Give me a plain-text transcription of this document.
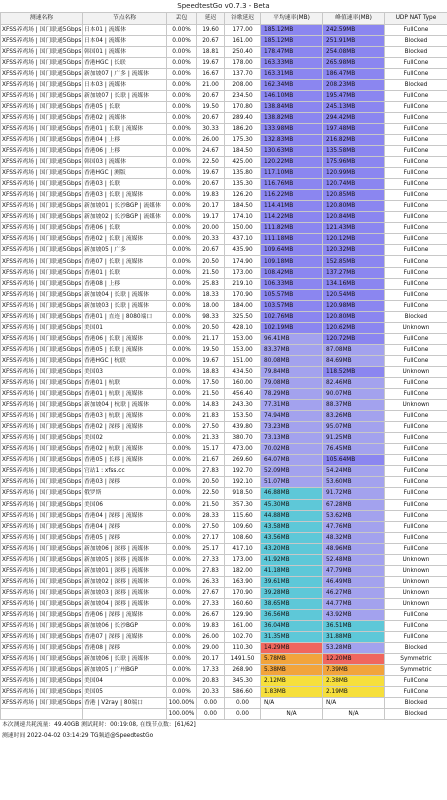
SpeedtestGo v0.7.3 - Beta
测速名称	节点名称	丢包	延迟	谷歌延迟	平均速率(MB)	峰值速率(MB)	UDP NAT Type
XFSS养鸡场 | 国门联通5Gbps	日本01 | 流媒体	0.00%	19.60	177.00	185.12MB	242.59MB	FullCone
XFSS养鸡场 | 国门联通5Gbps	日本04 | 流媒体	0.00%	20.67	161.00	185.12MB	251.91MB	Blocked
XFSS养鸡场 | 国门联通5Gbps	韩国01 | 流媒体	0.00%	18.81	250.40	178.47MB	254.08MB	Blocked
XFSS养鸡场 | 国门联通5Gbps	香港HGC | 长联	0.00%	19.67	178.00	163.33MB	265.98MB	FullCone
XFSS养鸡场 | 国门联通5Gbps	新加坡07 | 广多 | 流媒体	0.00%	16.67	137.70	163.31MB	186.47MB	FullCone
XFSS养鸡场 | 国门联通5Gbps	日本03 | 流媒体	0.00%	21.00	208.00	162.34MB	208.23MB	Blocked
XFSS养鸡场 | 国门联通5Gbps	新加坡07 | 长联 | 流媒体	0.00%	20.67	234.50	146.10MB	195.47MB	FullCone
XFSS养鸡场 | 国门联通5Gbps	香港05 | 长联	0.00%	19.50	170.80	138.84MB	245.13MB	FullCone
XFSS养鸡场 | 国门联通5Gbps	香港02 | 流媒体	0.00%	20.67	289.40	138.82MB	294.42MB	FullCone
XFSS养鸡场 | 国门联通5Gbps	香港01 | 长联 | 流媒体	0.00%	30.33	186.20	133.98MB	197.48MB	FullCone
XFSS养鸡场 | 国门联通5Gbps	香港04 | 上移	0.00%	26.00	175.30	132.83MB	216.82MB	FullCone
XFSS养鸡场 | 国门联通5Gbps	香港06 | 上移	0.00%	24.67	184.50	130.63MB	135.58MB	FullCone
XFSS养鸡场 | 国门联通5Gbps	韩国03 | 流媒体	0.00%	22.50	425.00	120.22MB	175.96MB	FullCone
XFSS养鸡场 | 国门联通5Gbps	香港HGC | 测版	0.00%	19.67	135.80	117.10MB	120.99MB	FullCone
XFSS养鸡场 | 国门联通5Gbps	香港03 | 长联	0.00%	20.67	135.30	116.76MB	120.74MB	FullCone
XFSS养鸡场 | 国门联通5Gbps	香港03 | 长联 | 流媒体	0.00%	19.83	126.20	116.22MB	120.85MB	FullCone
XFSS养鸡场 | 国门联通5Gbps	新加坡01 | 长沙BGP | 流媒体	0.00%	20.17	184.50	114.41MB	120.80MB	FullCone
XFSS养鸡场 | 国门联通5Gbps	新加坡02 | 长沙BGP | 流媒体	0.00%	19.17	174.10	114.22MB	120.84MB	FullCone
XFSS养鸡场 | 国门联通5Gbps	香港06 | 长联	0.00%	20.00	150.00	111.82MB	121.43MB	FullCone
XFSS养鸡场 | 国门联通5Gbps	香港02 | 长联 | 流媒体	0.00%	20.33	437.10	111.18MB	120.12MB	FullCone
XFSS养鸡场 | 国门联通5Gbps	新加坡05 | 广多	0.00%	20.67	435.90	109.64MB	120.32MB	FullCone
XFSS养鸡场 | 国门联通5Gbps	香港07 | 长联 | 流媒体	0.00%	20.50	174.90	109.18MB	152.85MB	FullCone
XFSS养鸡场 | 国门联通5Gbps	香港01 | 长联	0.00%	21.50	173.00	108.42MB	137.27MB	FullCone
XFSS养鸡场 | 国门联通5Gbps	香港08 | 上移	0.00%	25.83	219.10	106.33MB	134.16MB	FullCone
XFSS养鸡场 | 国门联通5Gbps	新加坡04 | 长联 | 流媒体	0.00%	18.33	170.90	105.57MB	120.54MB	FullCone
XFSS养鸡场 | 国门联通5Gbps	新加坡03 | 长联 | 流媒体	0.00%	18.00	184.00	103.57MB	120.98MB	FullCone
XFSS养鸡场 | 国门联通5Gbps	香港01 | 直连 | 8080端口	0.00%	98.33	325.50	102.76MB	120.80MB	Blocked
XFSS养鸡场 | 国门联通5Gbps	美国01	0.00%	20.50	428.10	102.19MB	120.62MB	Unknown
XFSS养鸡场 | 国门联通5Gbps	香港06 | 长联 | 流媒体	0.00%	21.17	153.00	96.41MB	120.72MB	FullCone
XFSS养鸡场 | 国门联通5Gbps	香港05 | 长联 | 流媒体	0.00%	19.50	153.00	83.37MB	87.08MB	FullCone
XFSS养鸡场 | 国门联通5Gbps	香港HGC | 杭联	0.00%	19.67	151.00	80.08MB	84.69MB	FullCone
XFSS养鸡场 | 国门联通5Gbps	美国03	0.00%	18.83	434.50	79.84MB	118.52MB	Unknown
XFSS养鸡场 | 国门联通5Gbps	香港01 | 杭联	0.00%	17.50	160.00	79.08MB	82.46MB	FullCone
XFSS养鸡场 | 国门联通5Gbps	香港01 | 杭联 | 流媒体	0.00%	21.50	456.40	78.29MB	90.07MB	FullCone
XFSS养鸡场 | 国门联通5Gbps	新加坡04 | 杭联 | 流媒体	0.00%	14.83	243.30	77.31MB	88.37MB	Unknown
XFSS养鸡场 | 国门联通5Gbps	香港03 | 杭联 | 流媒体	0.00%	21.83	153.50	74.94MB	83.26MB	FullCone
XFSS养鸡场 | 国门联通5Gbps	香港02 | 深移 | 流媒体	0.00%	27.50	439.80	73.23MB	95.07MB	FullCone
XFSS养鸡场 | 国门联通5Gbps	美国02	0.00%	21.33	380.70	73.13MB	91.25MB	FullCone
XFSS养鸡场 | 国门联通5Gbps	香港02 | 杭联 | 流媒体	0.00%	15.17	473.00	70.02MB	76.45MB	FullCone
XFSS养鸡场 | 国门联通5Gbps	香港05 | 长移 | 流媒体	0.00%	21.67	269.60	64.07MB	105.64MB	FullCone
XFSS养鸡场 | 国门联通5Gbps	官站1 : xfss.cc	0.00%	27.83	192.70	52.09MB	54.24MB	FullCone
XFSS养鸡场 | 国门联通5Gbps	香港03 | 深移	0.00%	20.50	192.10	51.07MB	53.60MB	FullCone
XFSS养鸡场 | 国门联通5Gbps	俄罗斯	0.00%	22.50	918.50	46.88MB	91.72MB	FullCone
XFSS养鸡场 | 国门联通5Gbps	美国06	0.00%	21.50	357.30	45.30MB	67.28MB	FullCone
XFSS养鸡场 | 国门联通5Gbps	香港04 | 深移 | 流媒体	0.00%	28.33	115.60	44.88MB	53.62MB	FullCone
XFSS养鸡场 | 国门联通5Gbps	香港04 | 深移	0.00%	27.50	109.60	43.58MB	47.76MB	FullCone
XFSS养鸡场 | 国门联通5Gbps	香港05 | 深移	0.00%	27.17	108.60	43.56MB	48.32MB	FullCone
XFSS养鸡场 | 国门联通5Gbps	新加坡06 | 深移 | 流媒体	0.00%	25.17	417.10	43.20MB	48.96MB	FullCone
XFSS养鸡场 | 国门联通5Gbps	新加坡05 | 深移 | 流媒体	0.00%	27.33	173.00	41.92MB	52.48MB	Unknown
XFSS养鸡场 | 国门联通5Gbps	新加坡01 | 深移 | 流媒体	0.00%	27.83	182.00	41.18MB	47.79MB	Unknown
XFSS养鸡场 | 国门联通5Gbps	新加坡02 | 深移 | 流媒体	0.00%	26.33	163.90	39.61MB	46.49MB	Unknown
XFSS养鸡场 | 国门联通5Gbps	新加坡03 | 深移 | 流媒体	0.00%	27.67	170.90	39.28MB	46.27MB	Unknown
XFSS养鸡场 | 国门联通5Gbps	新加坡04 | 深移 | 流媒体	0.00%	27.33	160.60	38.65MB	44.77MB	Unknown
XFSS养鸡场 | 国门联通5Gbps	香港06 | 深移 | 流媒体	0.00%	26.67	129.90	36.56MB	43.92MB	FullCone
XFSS养鸡场 | 国门联通5Gbps	新加坡06 | 长沙BGP	0.00%	19.83	161.00	36.04MB	36.51MB	FullCone
XFSS养鸡场 | 国门联通5Gbps	香港07 | 深移 | 流媒体	0.00%	26.00	102.70	31.35MB	31.88MB	FullCone
XFSS养鸡场 | 国门联通5Gbps	香港08 | 深移	0.00%	29.00	110.30	14.29MB	53.28MB	Blocked
XFSS养鸡场 | 国门联通5Gbps	新加坡06 | 长联 | 流媒体	0.00%	20.17	1491.50	5.78MB	12.20MB	Symmetric
XFSS养鸡场 | 国门联通5Gbps	新加坡05 | 广州BGP	0.00%	17.33	268.90	5.38MB	7.39MB	Symmetric
XFSS养鸡场 | 国门联通5Gbps	美国04	0.00%	20.83	345.30	2.12MB	2.38MB	FullCone
XFSS养鸡场 | 国门联通5Gbps	美国05	0.00%	20.33	586.60	1.83MB	2.19MB	FullCone
XFSS养鸡场 | 国门联通5Gbps	香港 | V2ray | 80端口	100.00%	0.00	0.00	N/A	N/A	Blocked
		100.00%	0.00	0.00	N/A	N/A	Blocked
本次测速共耗流量：49.40GB 测试耗时：00:19:08, 在线节点数：[61/62]
测速时间 2022-04-02 03:14:29 TG频道@SpeedtestGo
